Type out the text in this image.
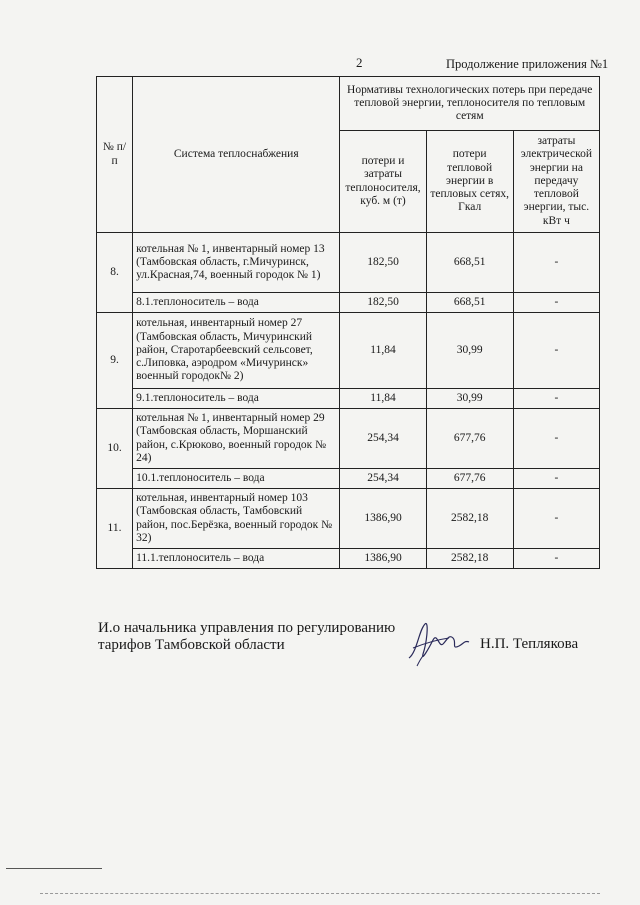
2	Продолжение приложения №1
№ п/п	Система теплоснабжения	Нормативы технологических потерь при передаче тепловой энергии, теплоносителя по тепловым сетям		
		потери и затраты теплоносителя, куб. м (т)	потери тепловой энергии в тепловых сетях, Гкал	затраты электрической энергии на передачу тепловой энергии, тыс. кВт ч
8.	котельная № 1, инвентарный номер 13 (Тамбовская область, г.Мичуринск, ул.Красная,74, военный городок № 1)	182,50	668,51	-
	8.1.теплоноситель – вода	182,50	668,51	-
9.	котельная, инвентарный номер 27 (Тамбовская область, Мичуринский район, Старотарбеевский сельсовет, с.Липовка, аэродром «Мичуринск» военный городок№ 2)	11,84	30,99	-
	9.1.теплоноситель – вода	11,84	30,99	-
10.	котельная № 1, инвентарный номер 29 (Тамбовская область, Моршанский район, с.Крюково, военный городок № 24)	254,34	677,76	-
	10.1.теплоноситель – вода	254,34	677,76	-
11.	котельная, инвентарный номер 103 (Тамбовская область, Тамбовский район, пос.Берёзка, военный городок № 32)	1386,90	2582,18	-
	11.1.теплоноситель – вода	1386,90	2582,18	-
И.о начальника управления по регулированию
тарифов Тамбовской области	Н.П. Теплякова
